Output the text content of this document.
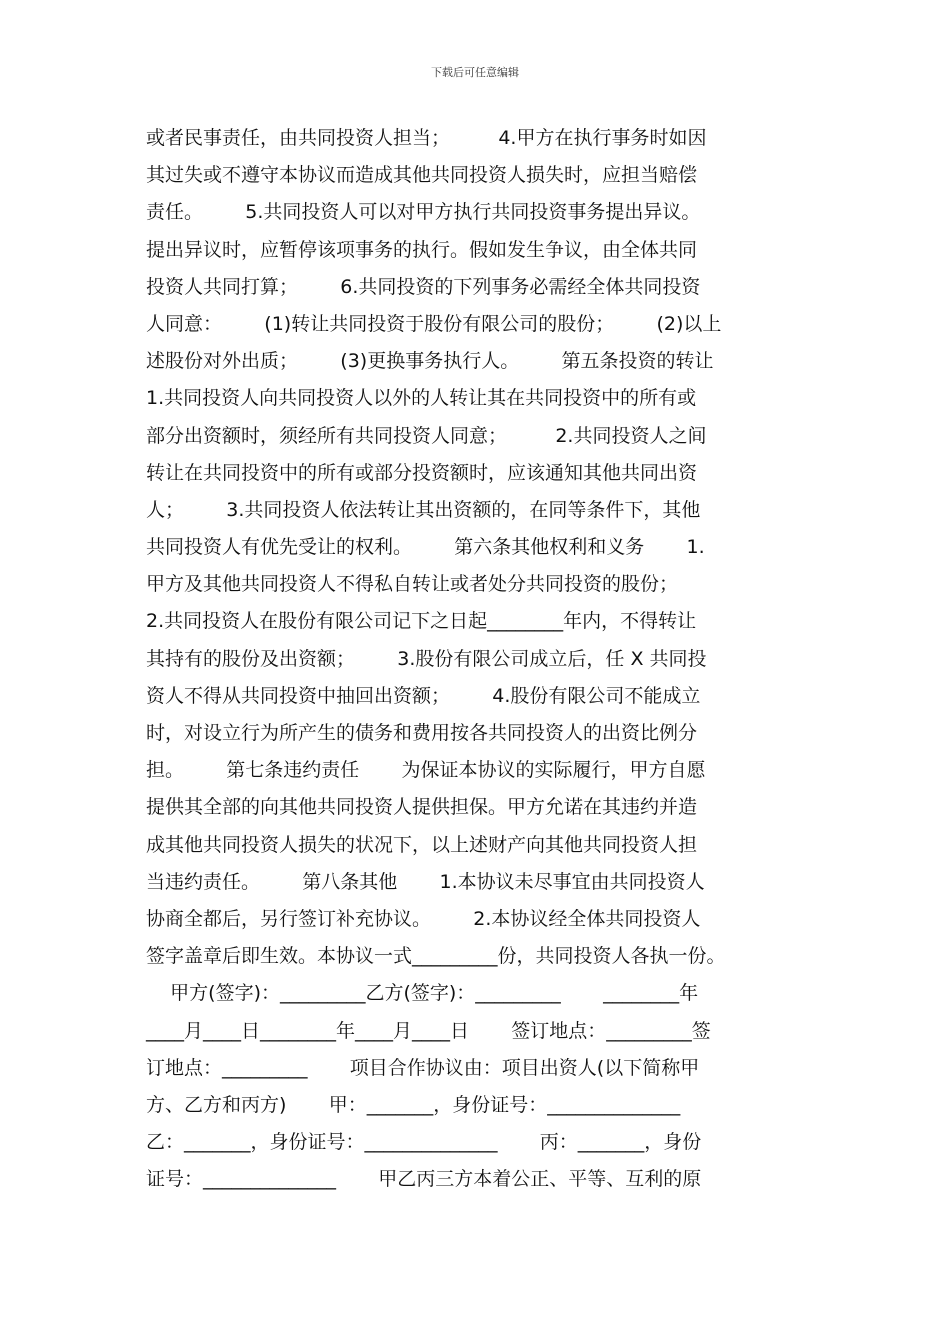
下载后可任意编辑
或者民事责任，由共同投资人担当；        4.甲方在执行事务时如因
其过失或不遵守本协议而造成其他共同投资人损失时，应担当赔偿
责任。       5.共同投资人可以对甲方执行共同投资事务提出异议。
提出异议时，应暂停该项事务的执行。假如发生争议，由全体共同
投资人共同打算；       6.共同投资的下列事务必需经全体共同投资
人同意：       (1)转让共同投资于股份有限公司的股份；       (2)以上
述股份对外出质；       (3)更换事务执行人。       第五条投资的转让
1.共同投资人向共同投资人以外的人转让其在共同投资中的所有或
部分出资额时，须经所有共同投资人同意；        2.共同投资人之间
转让在共同投资中的所有或部分投资额时，应该通知其他共同出资
人；       3.共同投资人依法转让其出资额的，在同等条件下，其他
共同投资人有优先受让的权利。       第六条其他权利和义务       1.
甲方及其他共同投资人不得私自转让或者处分共同投资的股份；
2.共同投资人在股份有限公司记下之日起________年内，不得转让
其持有的股份及出资额；       3.股份有限公司成立后，任 X 共同投
资人不得从共同投资中抽回出资额；       4.股份有限公司不能成立
时，对设立行为所产生的债务和费用按各共同投资人的出资比例分
担。       第七条违约责任       为保证本协议的实际履行，甲方自愿
提供其全部的向其他共同投资人提供担保。甲方允诺在其违约并造
成其他共同投资人损失的状况下，以上述财产向其他共同投资人担
当违约责任。       第八条其他       1.本协议未尽事宜由共同投资人
协商全都后，另行签订补充协议。       2.本协议经全体共同投资人
签字盖章后即生效。本协议一式_________份，共同投资人各执一份。
甲方(签字)：_________乙方(签字)：_________       ________年
____月____日________年____月____日       签订地点：_________签
订地点：_________       项目合作协议由：项目出资人(以下简称甲
方、乙方和丙方)       甲：_______，身份证号：______________
乙：_______，身份证号：______________       丙：_______，身份
证号：______________       甲乙丙三方本着公正、平等、互利的原
